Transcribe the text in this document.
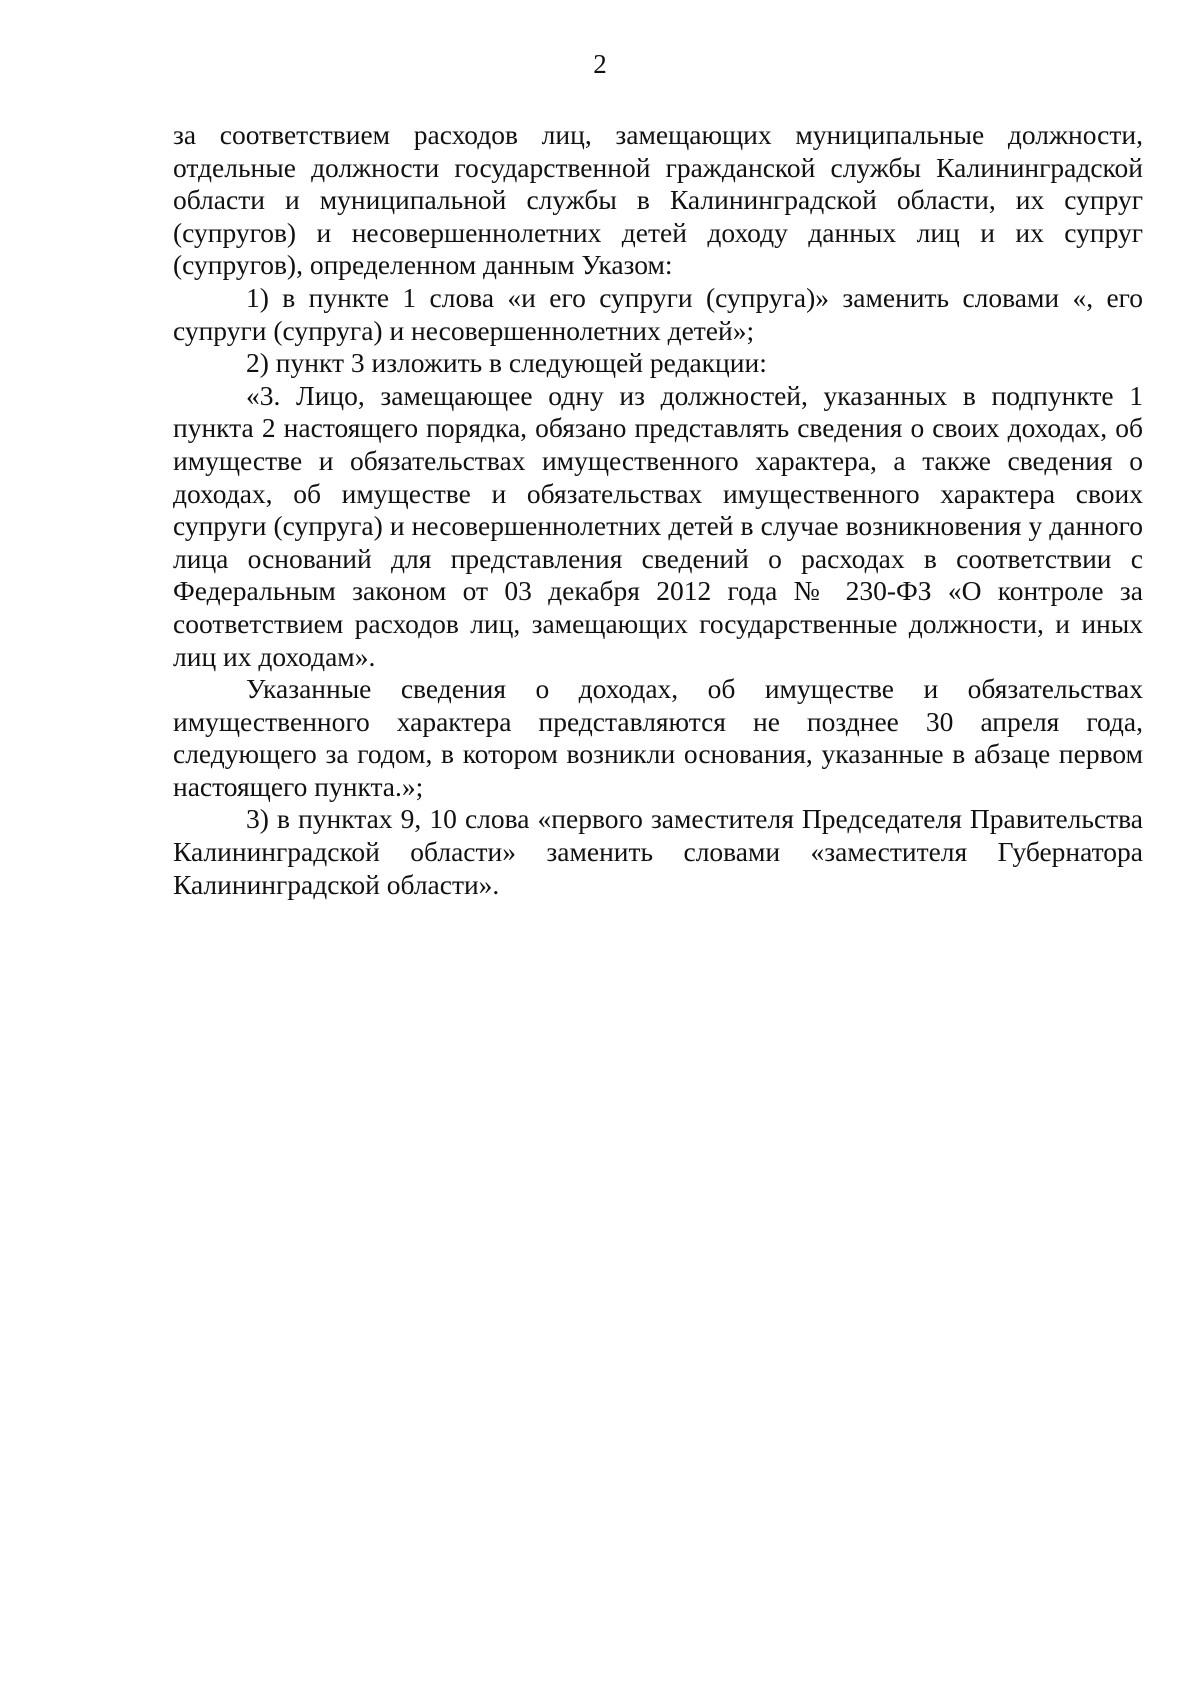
2

за соответствием расходов лиц, замещающих муниципальные должности, отдельные должности государственной гражданской службы Калининградской области и муниципальной службы в Калининградской области, их супруг (супругов) и несовершеннолетних детей доходу данных лиц и их супруг (супругов), определенном данным Указом:

1) в пункте 1 слова «и его супруги (супруга)» заменить словами «, его супруги (супруга) и несовершеннолетних детей»;

2) пункт 3 изложить в следующей редакции:

«3. Лицо, замещающее одну из должностей, указанных в подпункте 1 пункта 2 настоящего порядка, обязано представлять сведения о своих доходах, об имуществе и обязательствах имущественного характера, а также сведения о доходах, об имуществе и обязательствах имущественного характера своих супруги (супруга) и несовершеннолетних детей в случае возникновения у данного лица оснований для представления сведений о расходах в соответствии с Федеральным законом от 03 декабря 2012 года № 230-ФЗ «О контроле за соответствием расходов лиц, замещающих государственные должности, и иных лиц их доходам».

Указанные сведения о доходах, об имуществе и обязательствах имущественного характера представляются не позднее 30 апреля года, следующего за годом, в котором возникли основания, указанные в абзаце первом настоящего пункта.»;

3) в пунктах 9, 10 слова «первого заместителя Председателя Правительства Калининградской области» заменить словами «заместителя Губернатора Калининградской области».
